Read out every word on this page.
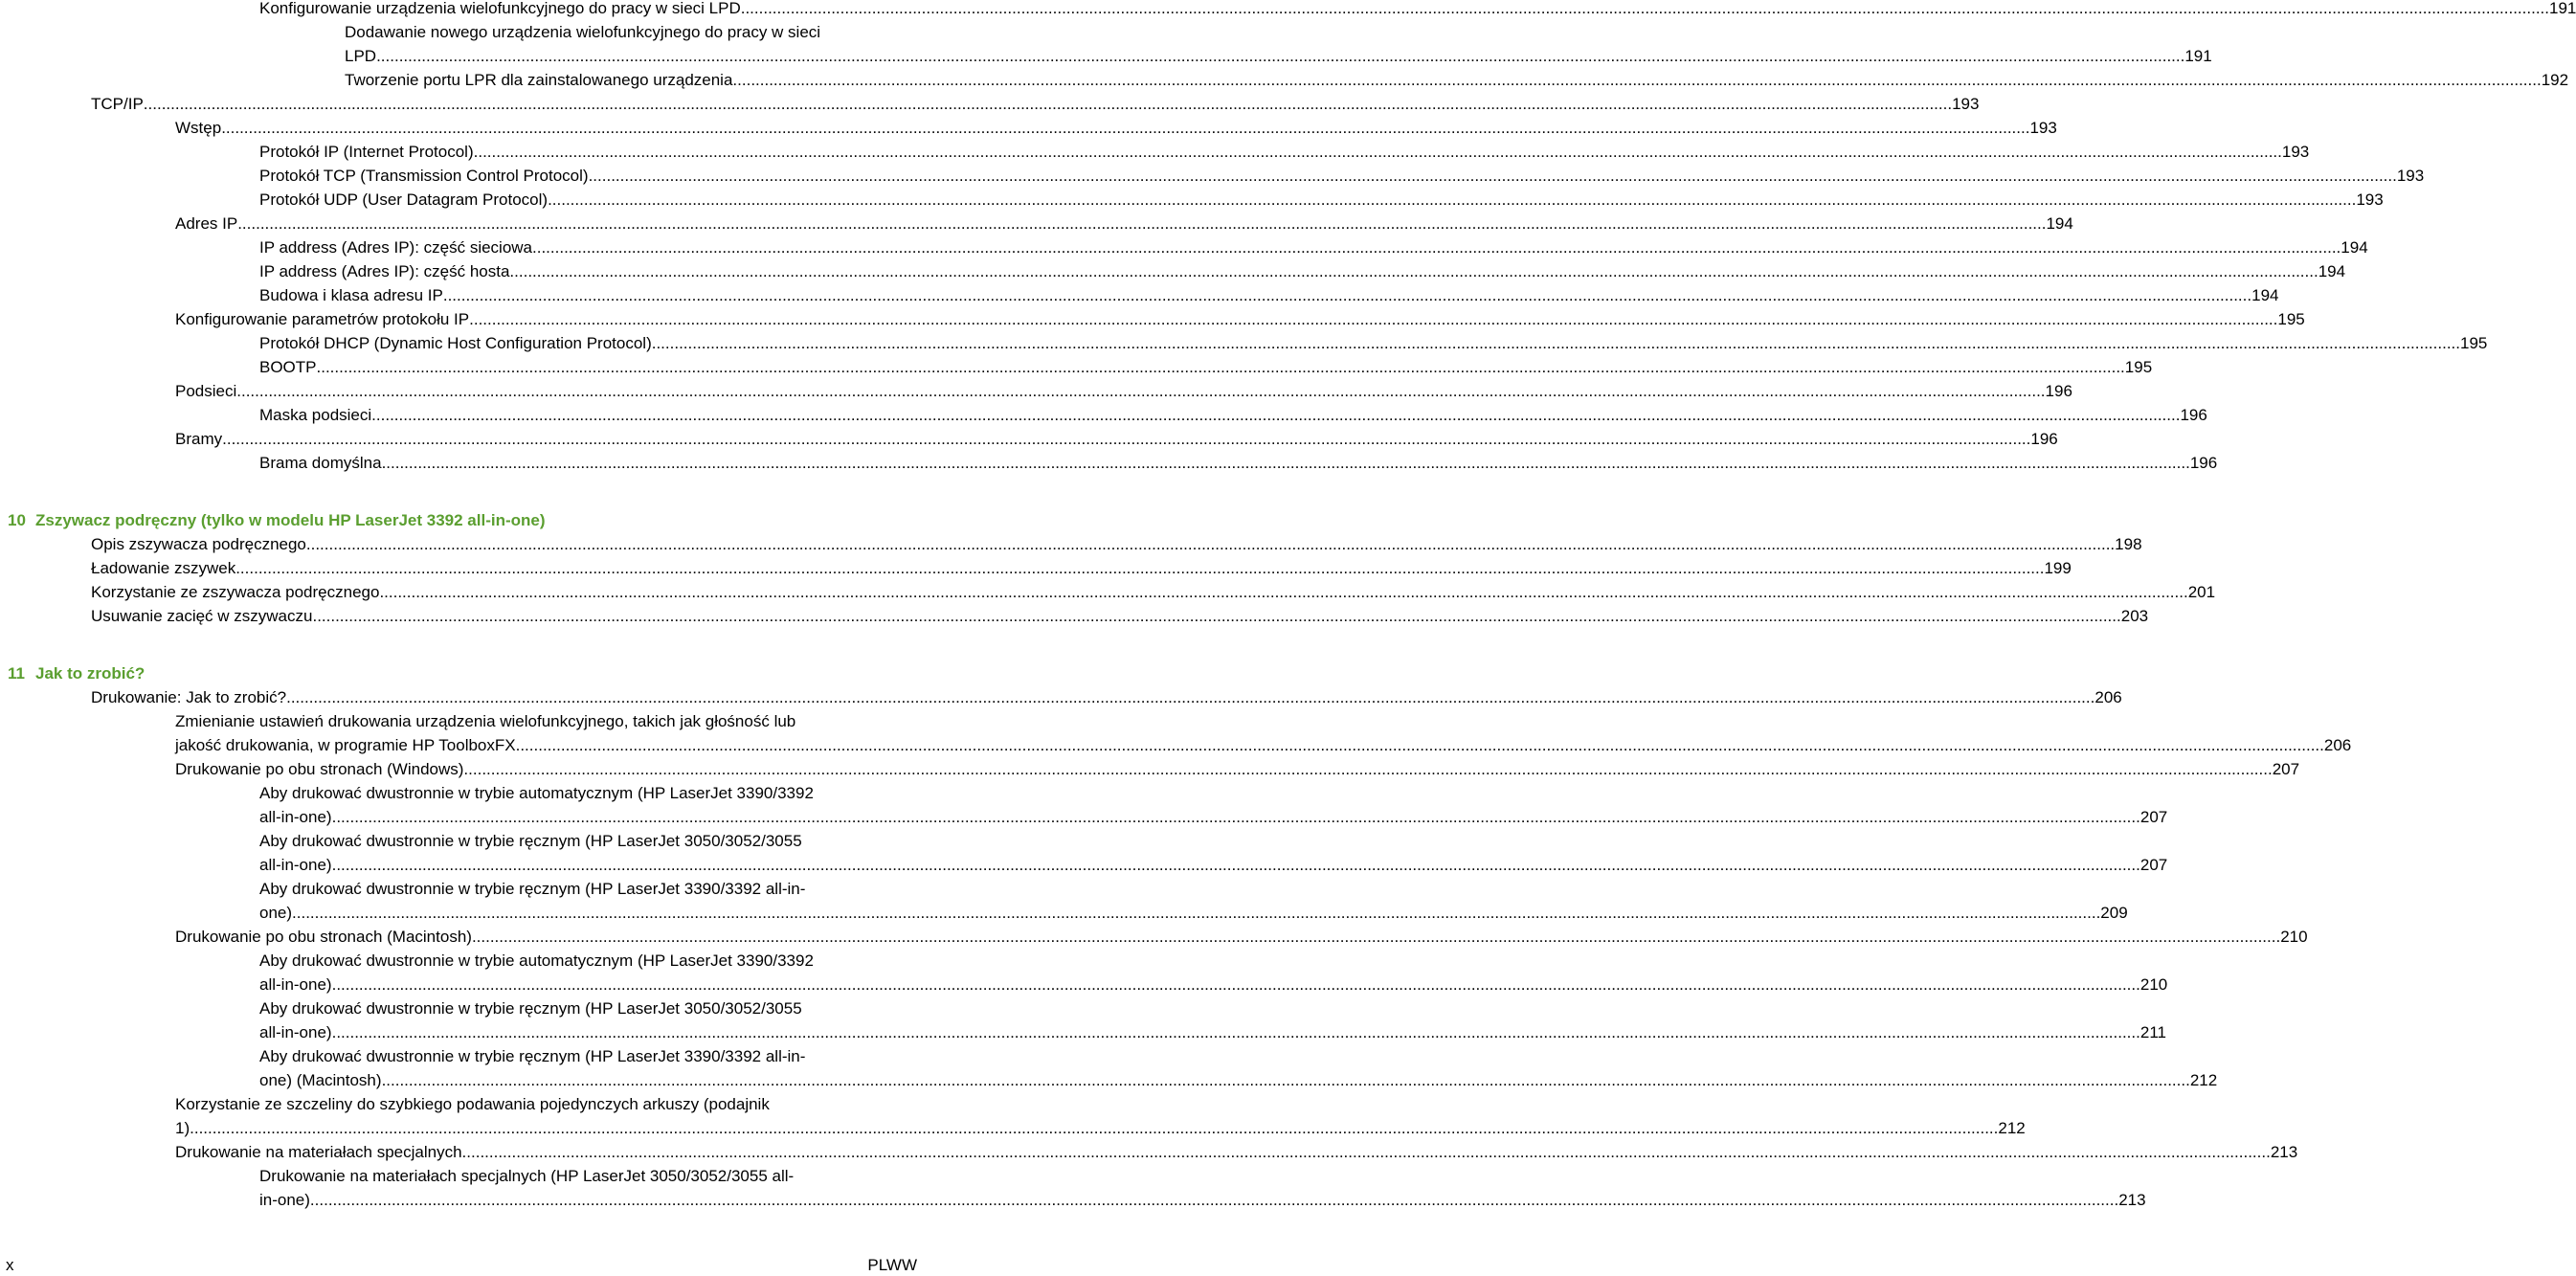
Konfigurowanie urządzenia wielofunkcyjnego do pracy w sieci LPD ................................................................................................................................................................................................................................................................................................................................................................................................................ 191
Dodawanie nowego urządzenia wielofunkcyjnego do pracy w sieci
LPD ................................................................................................................................................................................................................................................................................................................................................................................................................ 191
Tworzenie portu LPR dla zainstalowanego urządzenia ................................................................................................................................................................................................................................................................................................................................................................................................................ 192
TCP/IP ................................................................................................................................................................................................................................................................................................................................................................................................................ 193
Wstęp ................................................................................................................................................................................................................................................................................................................................................................................................................ 193
Protokół IP (Internet Protocol) ................................................................................................................................................................................................................................................................................................................................................................................................................ 193
Protokół TCP (Transmission Control Protocol) ................................................................................................................................................................................................................................................................................................................................................................................................................ 193
Protokół UDP (User Datagram Protocol) ................................................................................................................................................................................................................................................................................................................................................................................................................ 193
Adres IP ................................................................................................................................................................................................................................................................................................................................................................................................................ 194
IP address (Adres IP): część sieciowa ................................................................................................................................................................................................................................................................................................................................................................................................................ 194
IP address (Adres IP): część hosta ................................................................................................................................................................................................................................................................................................................................................................................................................ 194
Budowa i klasa adresu IP ................................................................................................................................................................................................................................................................................................................................................................................................................ 194
Konfigurowanie parametrów protokołu IP ................................................................................................................................................................................................................................................................................................................................................................................................................ 195
Protokół DHCP (Dynamic Host Configuration Protocol) ................................................................................................................................................................................................................................................................................................................................................................................................................ 195
BOOTP ................................................................................................................................................................................................................................................................................................................................................................................................................ 195
Podsieci ................................................................................................................................................................................................................................................................................................................................................................................................................ 196
Maska podsieci ................................................................................................................................................................................................................................................................................................................................................................................................................ 196
Bramy ................................................................................................................................................................................................................................................................................................................................................................................................................ 196
Brama domyślna ................................................................................................................................................................................................................................................................................................................................................................................................................ 196
10 Zszywacz podręczny (tylko w modelu HP LaserJet 3392 all-in-one)
Opis zszywacza podręcznego ................................................................................................................................................................................................................................................................................................................................................................................................................ 198
Ładowanie zszywek ................................................................................................................................................................................................................................................................................................................................................................................................................ 199
Korzystanie ze zszywacza podręcznego ................................................................................................................................................................................................................................................................................................................................................................................................................ 201
Usuwanie zacięć w zszywaczu ................................................................................................................................................................................................................................................................................................................................................................................................................ 203
11 Jak to zrobić?
Drukowanie: Jak to zrobić? ................................................................................................................................................................................................................................................................................................................................................................................................................ 206
Zmienianie ustawień drukowania urządzenia wielofunkcyjnego, takich jak głośność lub
jakość drukowania, w programie HP ToolboxFX ................................................................................................................................................................................................................................................................................................................................................................................................................ 206
Drukowanie po obu stronach (Windows) ................................................................................................................................................................................................................................................................................................................................................................................................................ 207
Aby drukować dwustronnie w trybie automatycznym (HP LaserJet 3390/3392
all-in-one) ................................................................................................................................................................................................................................................................................................................................................................................................................ 207
Aby drukować dwustronnie w trybie ręcznym (HP LaserJet 3050/3052/3055
all-in-one) ................................................................................................................................................................................................................................................................................................................................................................................................................ 207
Aby drukować dwustronnie w trybie ręcznym (HP LaserJet 3390/3392 all-in-
one) ................................................................................................................................................................................................................................................................................................................................................................................................................ 209
Drukowanie po obu stronach (Macintosh) ................................................................................................................................................................................................................................................................................................................................................................................................................ 210
Aby drukować dwustronnie w trybie automatycznym (HP LaserJet 3390/3392
all-in-one) ................................................................................................................................................................................................................................................................................................................................................................................................................ 210
Aby drukować dwustronnie w trybie ręcznym (HP LaserJet 3050/3052/3055
all-in-one) ................................................................................................................................................................................................................................................................................................................................................................................................................ 211
Aby drukować dwustronnie w trybie ręcznym (HP LaserJet 3390/3392 all-in-
one) (Macintosh) ................................................................................................................................................................................................................................................................................................................................................................................................................ 212
Korzystanie ze szczeliny do szybkiego podawania pojedynczych arkuszy (podajnik
1) ................................................................................................................................................................................................................................................................................................................................................................................................................ 212
Drukowanie na materiałach specjalnych ................................................................................................................................................................................................................................................................................................................................................................................................................ 213
Drukowanie na materiałach specjalnych (HP LaserJet 3050/3052/3055 all-
in-one) ................................................................................................................................................................................................................................................................................................................................................................................................................ 213
x	PLWW
